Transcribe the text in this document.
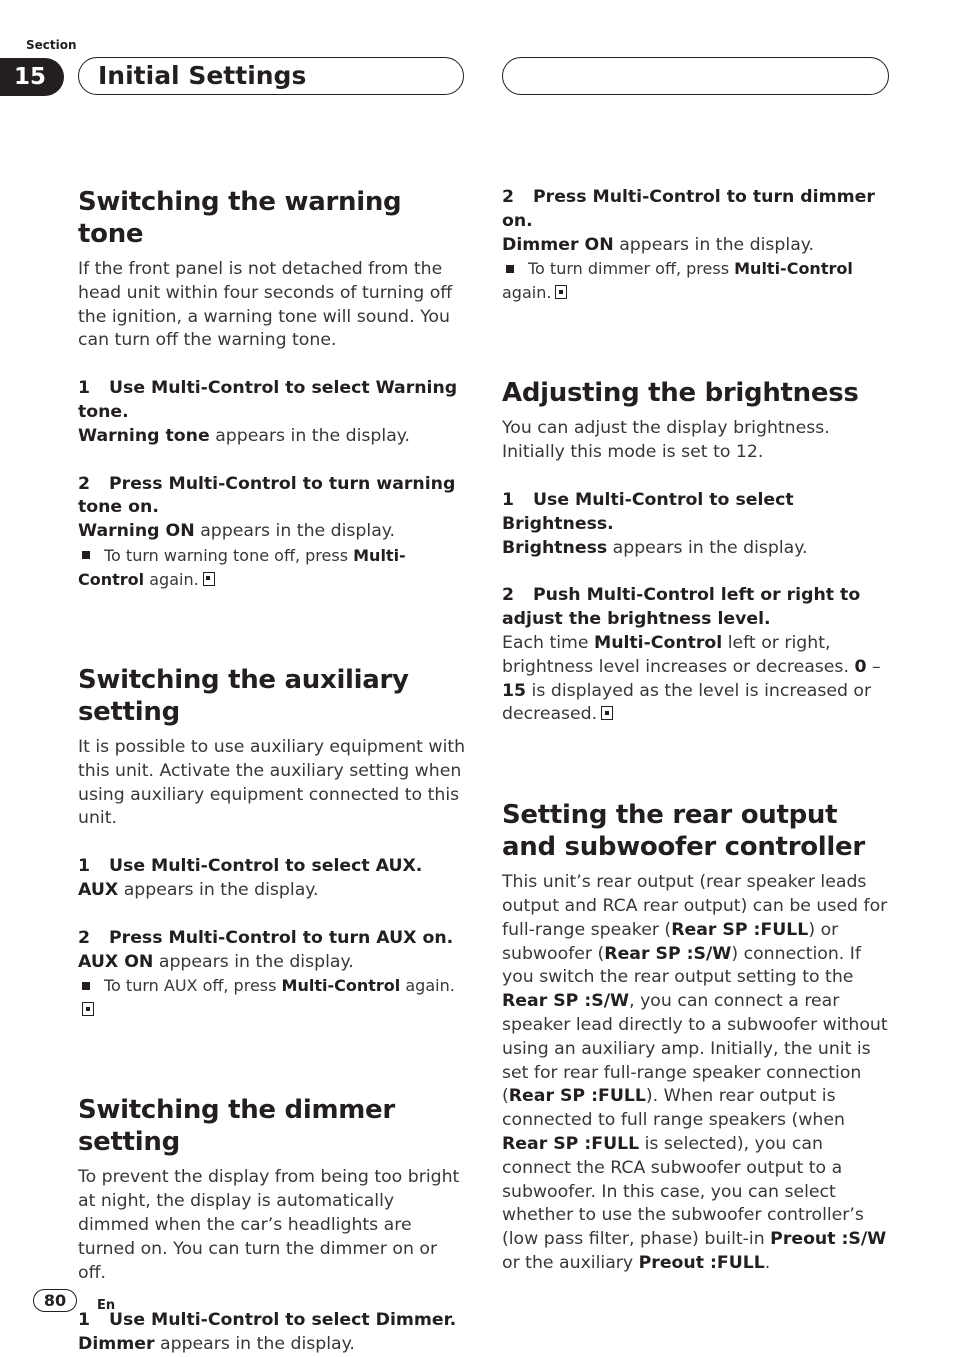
Section
15	Initial Settings
Switching the warning tone

If the front panel is not detached from the head unit within four seconds of turning off the ignition, a warning tone will sound. You can turn off the warning tone.

1 Use Multi-Control to select Warning tone.

Warning tone appears in the display.

2 Press Multi-Control to turn warning tone on.

Warning ON appears in the display.

To turn warning tone off, press Multi-Control again.

Switching the auxiliary setting

It is possible to use auxiliary equipment with this unit. Activate the auxiliary setting when using auxiliary equipment connected to this unit.

1 Use Multi-Control to select AUX.

AUX appears in the display.

2 Press Multi-Control to turn AUX on.

AUX ON appears in the display.

To turn AUX off, press Multi-Control again.

Switching the dimmer setting

To prevent the display from being too bright at night, the display is automatically dimmed when the car’s headlights are turned on. You can turn the dimmer on or off.

1 Use Multi-Control to select Dimmer.

Dimmer appears in the display.

2 Press Multi-Control to turn dimmer on.

Dimmer ON appears in the display.

To turn dimmer off, press Multi-Control again.

Adjusting the brightness

You can adjust the display brightness. Initially this mode is set to 12.

1 Use Multi-Control to select Brightness.

Brightness appears in the display.

2 Push Multi-Control left or right to adjust the brightness level.

Each time Multi-Control left or right, brightness level increases or decreases. 0 – 15 is displayed as the level is increased or decreased.

Setting the rear output and subwoofer controller

This unit’s rear output (rear speaker leads output and RCA rear output) can be used for full-range speaker (Rear SP :FULL) or subwoofer (Rear SP :S/W) connection. If you switch the rear output setting to the Rear SP :S/W, you can connect a rear speaker lead directly to a subwoofer without using an auxiliary amp. Initially, the unit is set for rear full-range speaker connection (Rear SP :FULL). When rear output is connected to full range speakers (when Rear SP :FULL is selected), you can connect the RCA subwoofer output to a subwoofer. In this case, you can select whether to use the subwoofer controller’s (low pass filter, phase) built-in Preout :S/W or the auxiliary Preout :FULL.

80	En
